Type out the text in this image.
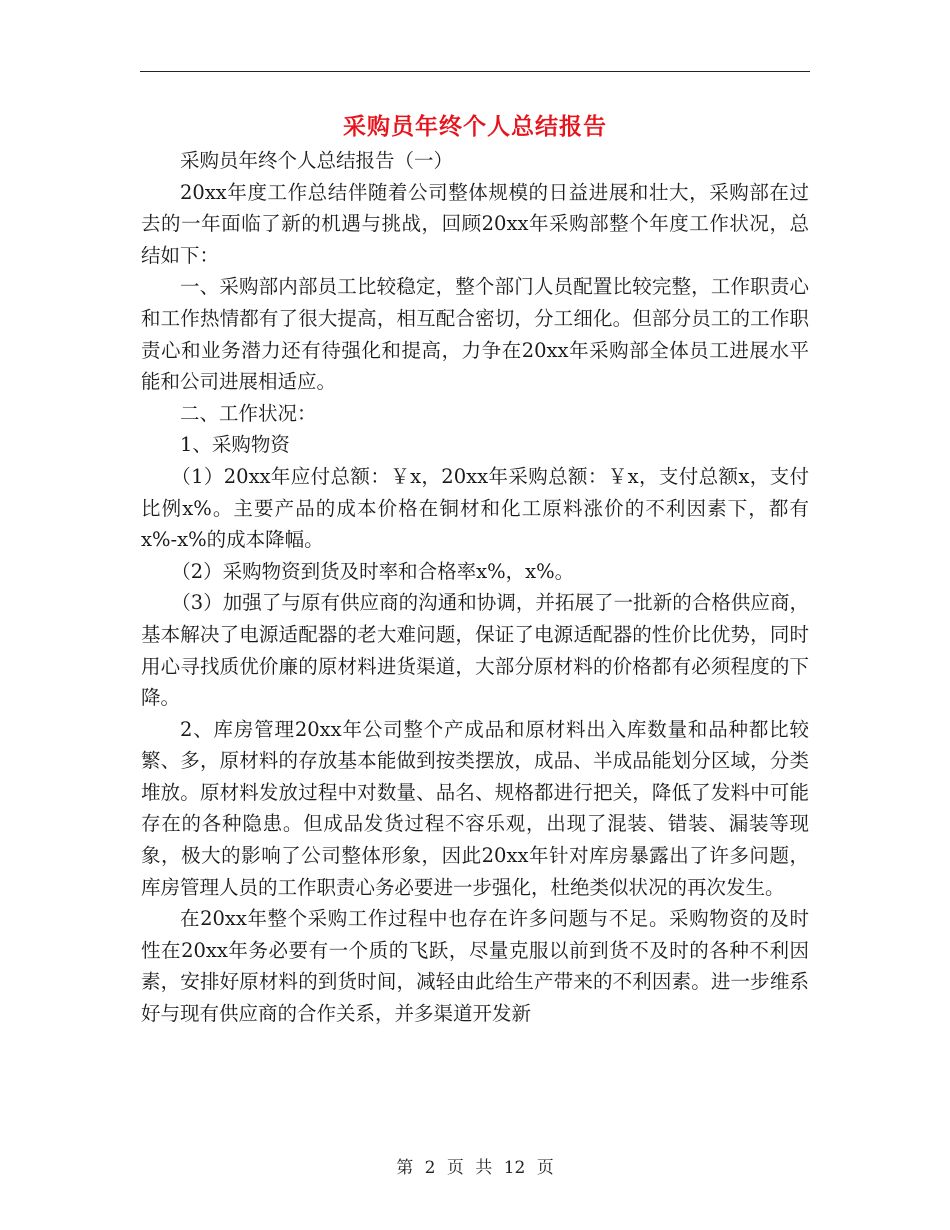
采购员年终个人总结报告

采购员年终个人总结报告（一）

20xx年度工作总结伴随着公司整体规模的日益进展和壮大，采购部在过去的一年面临了新的机遇与挑战，回顾20xx年采购部整个年度工作状况，总结如下：

一、采购部内部员工比较稳定，整个部门人员配置比较完整，工作职责心和工作热情都有了很大提高，相互配合密切，分工细化。但部分员工的工作职责心和业务潜力还有待强化和提高，力争在20xx年采购部全体员工进展水平能和公司进展相适应。

二、工作状况：

1、采购物资

（1）20xx年应付总额：￥x，20xx年采购总额：￥x，支付总额x，支付比例x%。主要产品的成本价格在铜材和化工原料涨价的不利因素下，都有x%-x%的成本降幅。

（2）采购物资到货及时率和合格率x%，x%。

（3）加强了与原有供应商的沟通和协调，并拓展了一批新的合格供应商，基本解决了电源适配器的老大难问题，保证了电源适配器的性价比优势，同时用心寻找质优价廉的原材料进货渠道，大部分原材料的价格都有必须程度的下降。

2、库房管理20xx年公司整个产成品和原材料出入库数量和品种都比较繁、多，原材料的存放基本能做到按类摆放，成品、半成品能划分区域，分类堆放。原材料发放过程中对数量、品名、规格都进行把关，降低了发料中可能存在的各种隐患。但成品发货过程不容乐观，出现了混装、错装、漏装等现象，极大的影响了公司整体形象，因此20xx年针对库房暴露出了许多问题，库房管理人员的工作职责心务必要进一步强化，杜绝类似状况的再次发生。

在20xx年整个采购工作过程中也存在许多问题与不足。采购物资的及时性在20xx年务必要有一个质的飞跃，尽量克服以前到货不及时的各种不利因素，安排好原材料的到货时间，减轻由此给生产带来的不利因素。进一步维系好与现有供应商的合作关系，并多渠道开发新

第 2 页 共 12 页
